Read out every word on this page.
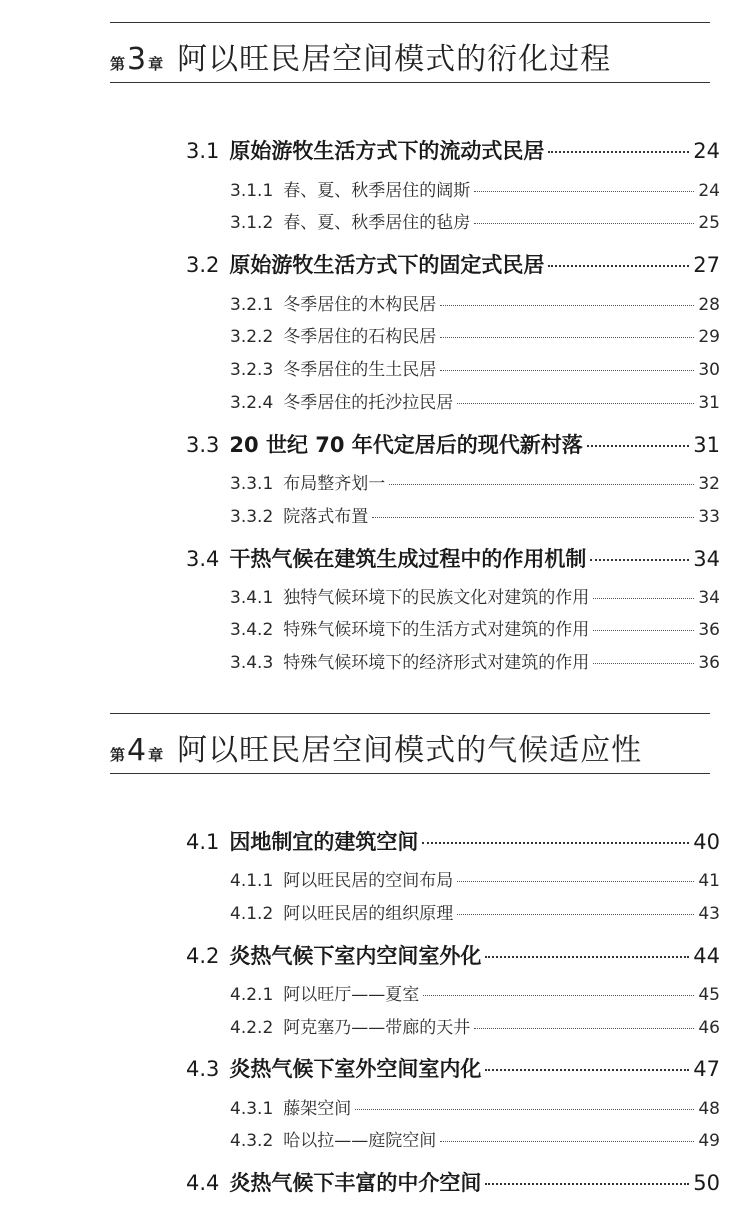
第 3 章 阿以旺民居空间模式的衍化过程
3.1 原始游牧生活方式下的流动式民居	24
3.1.1 春、夏、秋季居住的阔斯	24
3.1.2 春、夏、秋季居住的毡房	25
3.2 原始游牧生活方式下的固定式民居	27
3.2.1 冬季居住的木构民居	28
3.2.2 冬季居住的石构民居	29
3.2.3 冬季居住的生土民居	30
3.2.4 冬季居住的托沙拉民居	31
3.3 20 世纪 70 年代定居后的现代新村落	31
3.3.1 布局整齐划一	32
3.3.2 院落式布置	33
3.4 干热气候在建筑生成过程中的作用机制	34
3.4.1 独特气候环境下的民族文化对建筑的作用	34
3.4.2 特殊气候环境下的生活方式对建筑的作用	36
3.4.3 特殊气候环境下的经济形式对建筑的作用	36
第 4 章 阿以旺民居空间模式的气候适应性
4.1 因地制宜的建筑空间	40
4.1.1 阿以旺民居的空间布局	41
4.1.2 阿以旺民居的组织原理	43
4.2 炎热气候下室内空间室外化	44
4.2.1 阿以旺厅——夏室	45
4.2.2 阿克塞乃——带廊的天井	46
4.3 炎热气候下室外空间室内化	47
4.3.1 藤架空间	48
4.3.2 哈以拉——庭院空间	49
4.4 炎热气候下丰富的中介空间	50
